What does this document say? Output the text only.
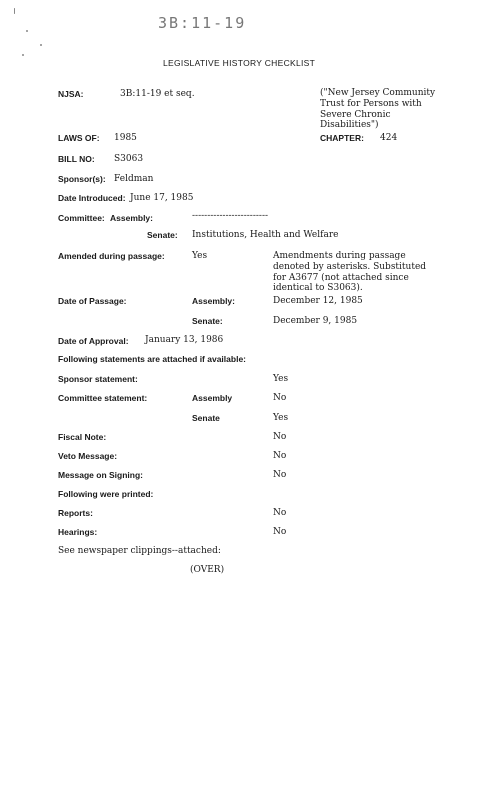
3B:11-19
LEGISLATIVE HISTORY CHECKLIST
NJSA:	3B:11-19 et seq.	("New Jersey Community Trust for Persons with Severe Chronic Disabilities")
LAWS OF: 1985	CHAPTER: 424
BILL NO: S3063
Sponsor(s): Feldman
Date Introduced: June 17, 1985
Committee: Assembly:	-------------------------
Senate: Institutions, Health and Welfare
Amended during passage:	Yes	Amendments during passage denoted by asterisks. Substituted for A3677 (not attached since identical to S3063).
Date of Passage:	Assembly:	December 12, 1985
Senate:	December 9, 1985
Date of Approval: January 13, 1986
Following statements are attached if available:
Sponsor statement:	Yes
Committee statement:	Assembly	No
Senate	Yes
Fiscal Note:	No
Veto Message:	No
Message on Signing:	No
Following were printed:
Reports:	No
Hearings:	No
See newspaper clippings--attached:
(OVER)
